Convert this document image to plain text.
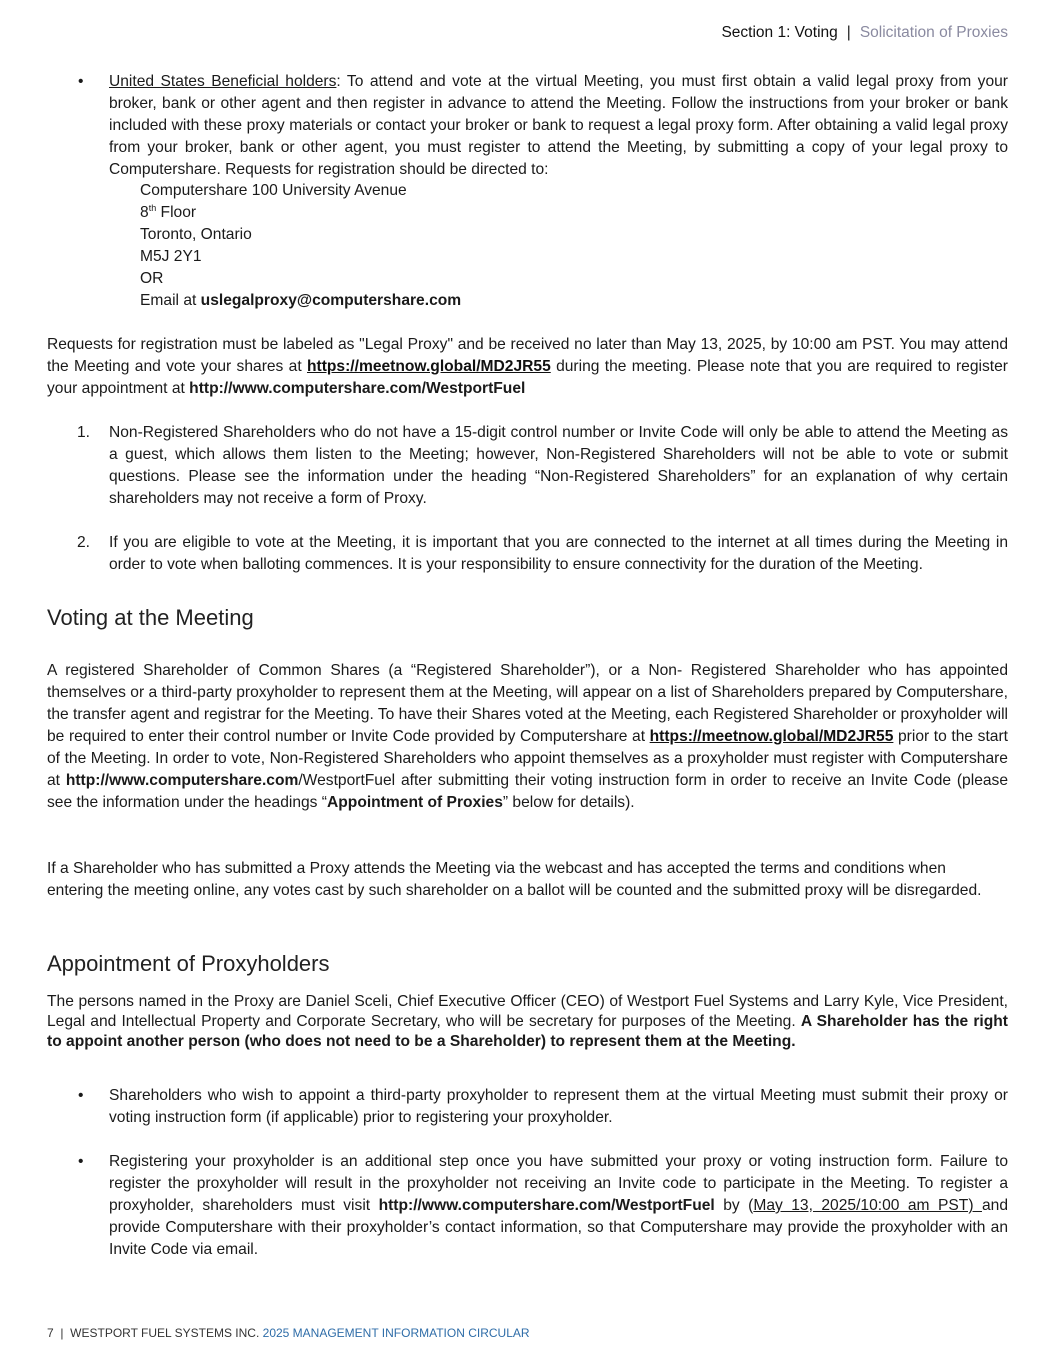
Section 1: Voting | Solicitation of Proxies
• United States Beneficial holders: To attend and vote at the virtual Meeting, you must first obtain a valid legal proxy from your broker, bank or other agent and then register in advance to attend the Meeting. Follow the instructions from your broker or bank included with these proxy materials or contact your broker or bank to request a legal proxy form. After obtaining a valid legal proxy from your broker, bank or other agent, you must register to attend the Meeting, by submitting a copy of your legal proxy to Computershare. Requests for registration should be directed to:
Computershare 100 University Avenue
8th Floor
Toronto, Ontario
M5J 2Y1
OR
Email at uslegalproxy@computershare.com
Requests for registration must be labeled as "Legal Proxy" and be received no later than May 13, 2025, by 10:00 am PST. You may attend the Meeting and vote your shares at https://meetnow.global/MD2JR55 during the meeting. Please note that you are required to register your appointment at http://www.computershare.com/WestportFuel
1. Non-Registered Shareholders who do not have a 15-digit control number or Invite Code will only be able to attend the Meeting as a guest, which allows them listen to the Meeting; however, Non-Registered Shareholders will not be able to vote or submit questions. Please see the information under the heading “Non-Registered Shareholders” for an explanation of why certain shareholders may not receive a form of Proxy.
2. If you are eligible to vote at the Meeting, it is important that you are connected to the internet at all times during the Meeting in order to vote when balloting commences. It is your responsibility to ensure connectivity for the duration of the Meeting.
Voting at the Meeting
A registered Shareholder of Common Shares (a “Registered Shareholder”), or a Non- Registered Shareholder who has appointed themselves or a third-party proxyholder to represent them at the Meeting, will appear on a list of Shareholders prepared by Computershare, the transfer agent and registrar for the Meeting. To have their Shares voted at the Meeting, each Registered Shareholder or proxyholder will be required to enter their control number or Invite Code provided by Computershare at https://meetnow.global/MD2JR55 prior to the start of the Meeting. In order to vote, Non-Registered Shareholders who appoint themselves as a proxyholder must register with Computershare at http://www.computershare.com/WestportFuel after submitting their voting instruction form in order to receive an Invite Code (please see the information under the headings “Appointment of Proxies” below for details).
If a Shareholder who has submitted a Proxy attends the Meeting via the webcast and has accepted the terms and conditions when entering the meeting online, any votes cast by such shareholder on a ballot will be counted and the submitted proxy will be disregarded.
Appointment of Proxyholders
The persons named in the Proxy are Daniel Sceli, Chief Executive Officer (CEO) of Westport Fuel Systems and Larry Kyle, Vice President, Legal and Intellectual Property and Corporate Secretary, who will be secretary for purposes of the Meeting. A Shareholder has the right to appoint another person (who does not need to be a Shareholder) to represent them at the Meeting.
• Shareholders who wish to appoint a third-party proxyholder to represent them at the virtual Meeting must submit their proxy or voting instruction form (if applicable) prior to registering your proxyholder.
• Registering your proxyholder is an additional step once you have submitted your proxy or voting instruction form. Failure to register the proxyholder will result in the proxyholder not receiving an Invite code to participate in the Meeting. To register a proxyholder, shareholders must visit http://www.computershare.com/WestportFuel by (May 13, 2025/10:00 am PST) and provide Computershare with their proxyholder’s contact information, so that Computershare may provide the proxyholder with an Invite Code via email.
7 | WESTPORT FUEL SYSTEMS INC. 2025 MANAGEMENT INFORMATION CIRCULAR
